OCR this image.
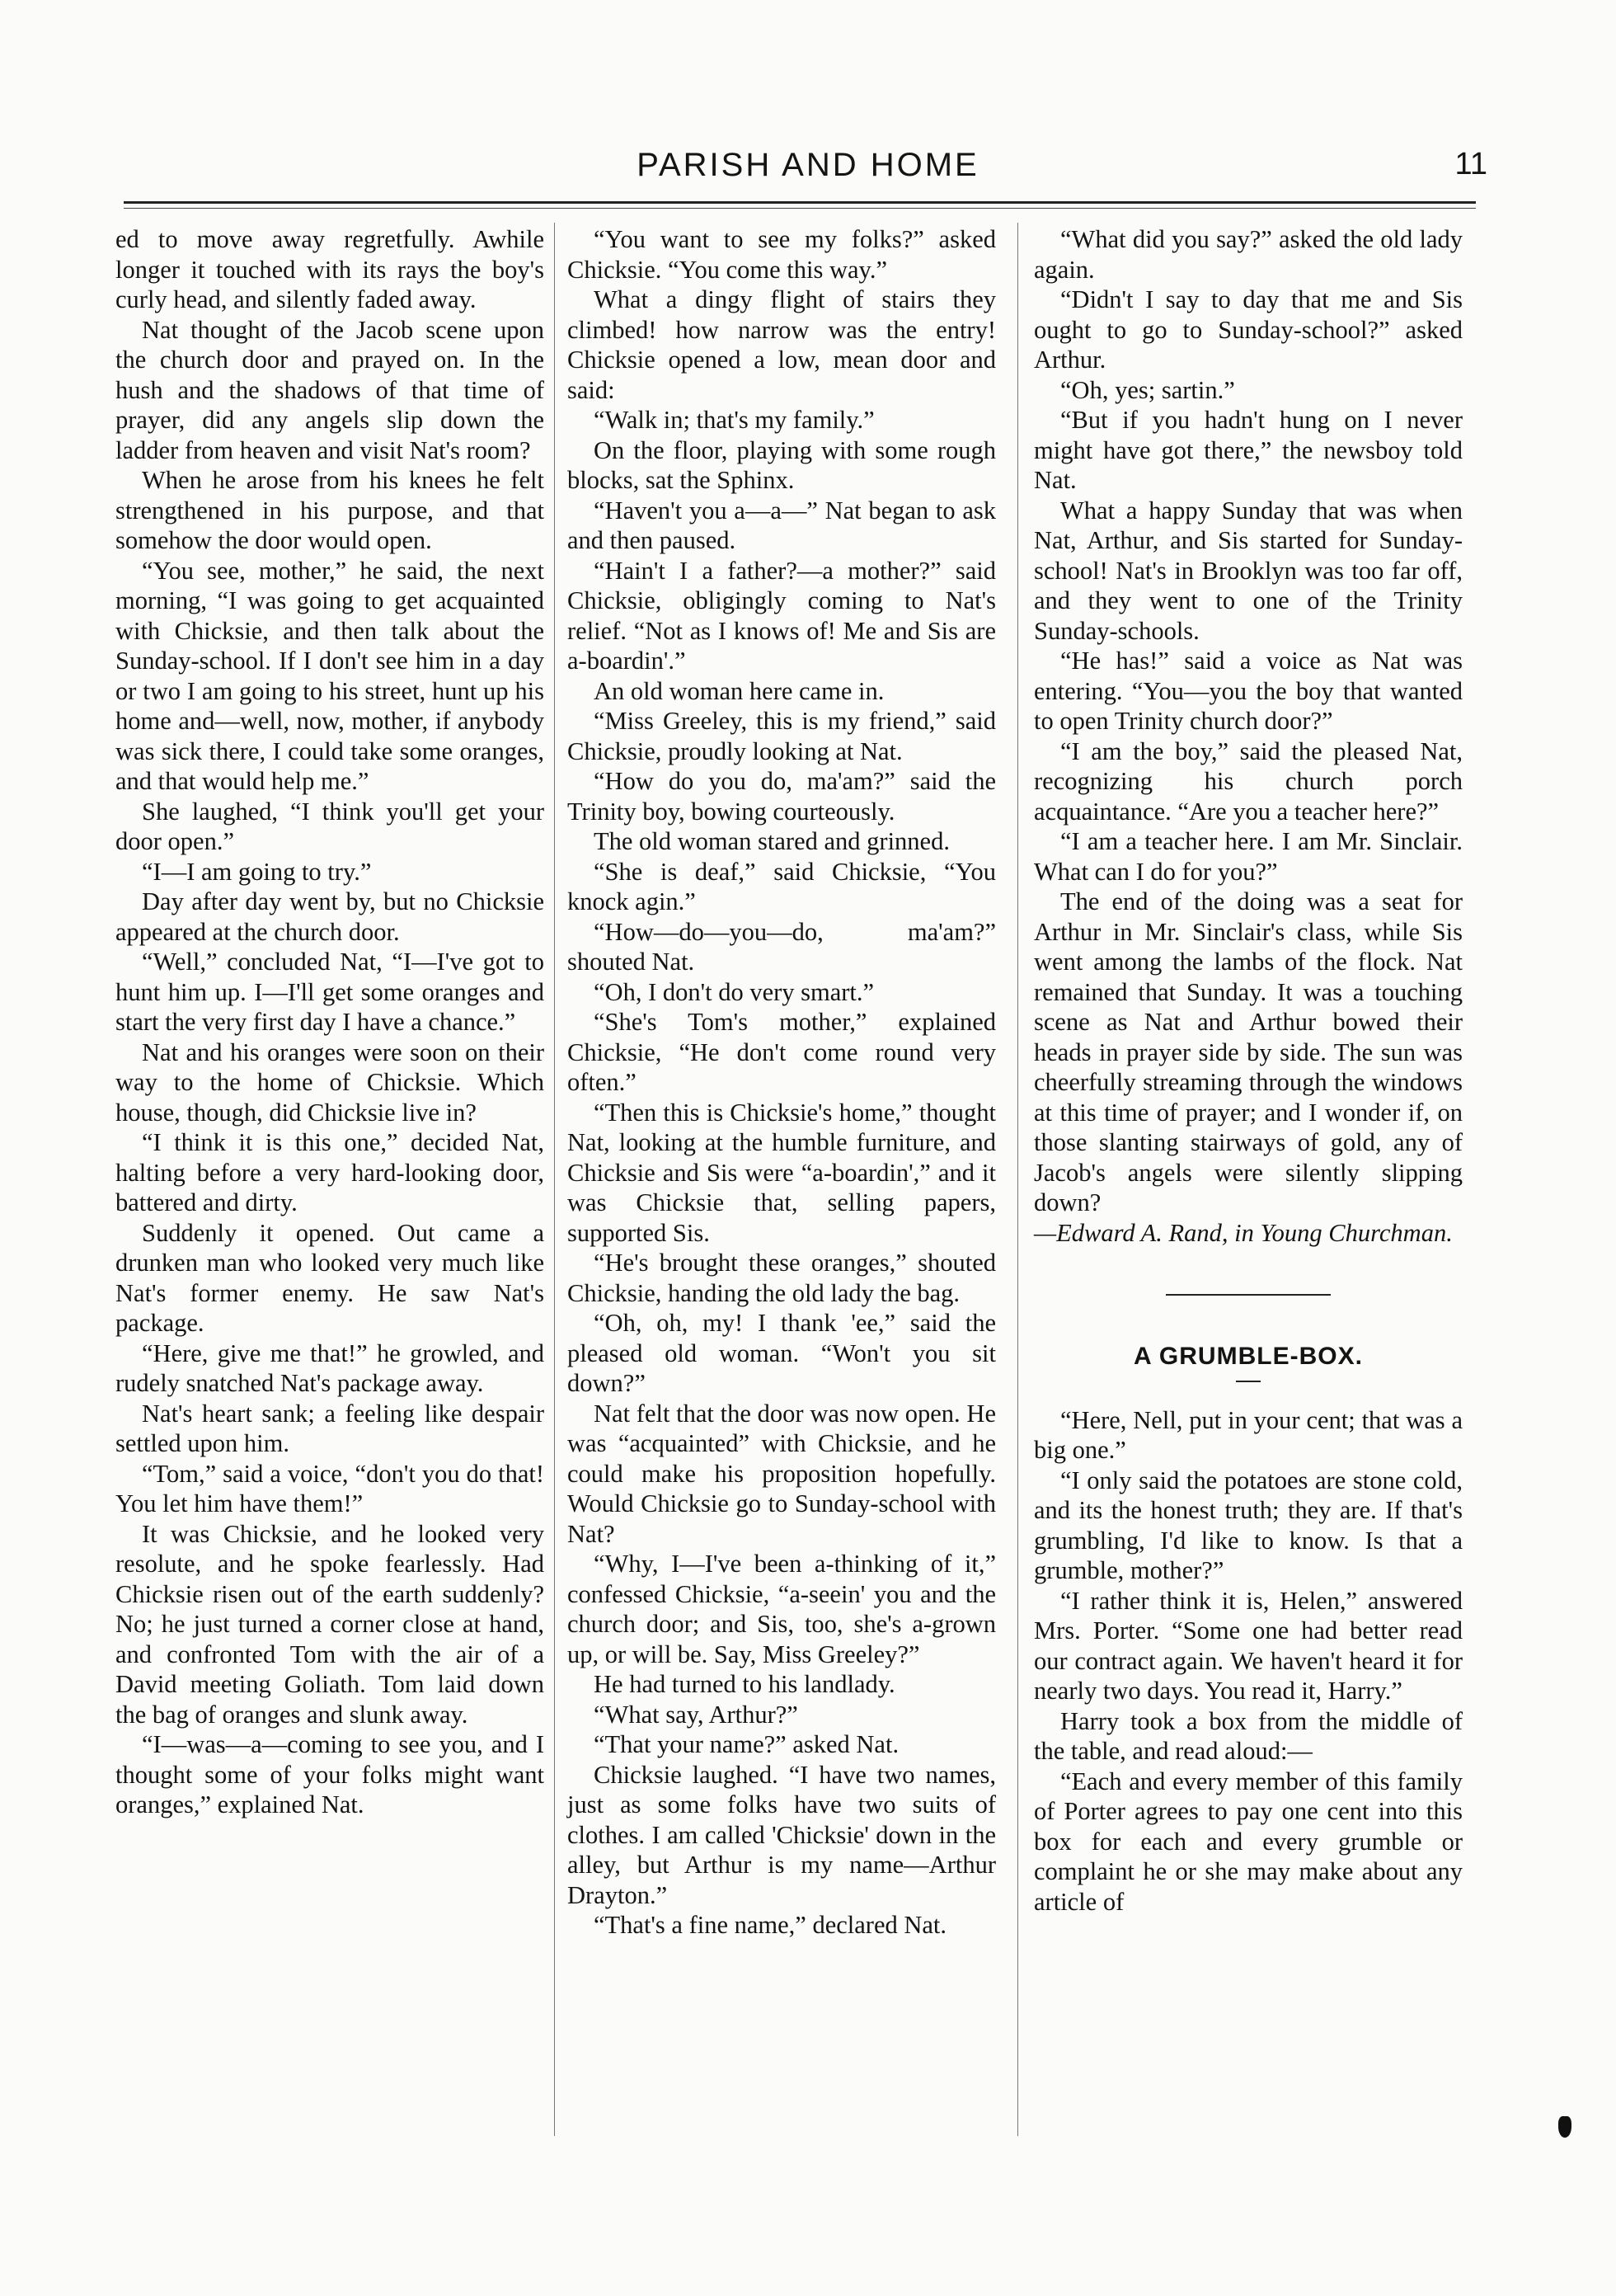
PARISH AND HOME	11

ed to move away regretfully. Awhile longer it touched with its rays the boy's curly head, and silently faded away.

Nat thought of the Jacob scene upon the church door and prayed on. In the hush and the shadows of that time of prayer, did any angels slip down the ladder from heaven and visit Nat's room?

When he arose from his knees he felt strengthened in his purpose, and that somehow the door would open.

“You see, mother,” he said, the next morning, “I was going to get acquainted with Chicksie, and then talk about the Sunday-school. If I don't see him in a day or two I am going to his street, hunt up his home and—well, now, mother, if anybody was sick there, I could take some oranges, and that would help me.”

She laughed, “I think you'll get your door open.”

“I—I am going to try.”

Day after day went by, but no Chicksie appeared at the church door.

“Well,” concluded Nat, “I—I've got to hunt him up. I—I'll get some oranges and start the very first day I have a chance.”

Nat and his oranges were soon on their way to the home of Chicksie. Which house, though, did Chicksie live in?

“I think it is this one,” decided Nat, halting before a very hard-looking door, battered and dirty.

Suddenly it opened. Out came a drunken man who looked very much like Nat's former enemy. He saw Nat's package.

“Here, give me that!” he growled, and rudely snatched Nat's package away.

Nat's heart sank; a feeling like despair settled upon him.

“Tom,” said a voice, “don't you do that! You let him have them!”

It was Chicksie, and he looked very resolute, and he spoke fearlessly. Had Chicksie risen out of the earth suddenly? No; he just turned a corner close at hand, and confronted Tom with the air of a David meeting Goliath. Tom laid down the bag of oranges and slunk away.

“I—was—a—coming to see you, and I thought some of your folks might want oranges,” explained Nat.

“You want to see my folks?” asked Chicksie. “You come this way.”

What a dingy flight of stairs they climbed! how narrow was the entry! Chicksie opened a low, mean door and said:

“Walk in; that's my family.”

On the floor, playing with some rough blocks, sat the Sphinx.

“Haven't you a—a—” Nat began to ask and then paused.

“Hain't I a father?—a mother?” said Chicksie, obligingly coming to Nat's relief. “Not as I knows of! Me and Sis are a-boardin'.”

An old woman here came in.

“Miss Greeley, this is my friend,” said Chicksie, proudly looking at Nat.

“How do you do, ma'am?” said the Trinity boy, bowing courteously.

The old woman stared and grinned.

“She is deaf,” said Chicksie, “You knock agin.”

“How—do—you—do, ma'am?” shouted Nat.

“Oh, I don't do very smart.”

“She's Tom's mother,” explained Chicksie, “He don't come round very often.”

“Then this is Chicksie's home,” thought Nat, looking at the humble furniture, and Chicksie and Sis were “a-boardin',” and it was Chicksie that, selling papers, supported Sis.

“He's brought these oranges,” shouted Chicksie, handing the old lady the bag.

“Oh, oh, my! I thank 'ee,” said the pleased old woman. “Won't you sit down?”

Nat felt that the door was now open. He was “acquainted” with Chicksie, and he could make his proposition hopefully. Would Chicksie go to Sunday-school with Nat?

“Why, I—I've been a-thinking of it,” confessed Chicksie, “a-seein' you and the church door; and Sis, too, she's a-grown up, or will be. Say, Miss Greeley?”

He had turned to his landlady.

“What say, Arthur?”

“That your name?” asked Nat.

Chicksie laughed. “I have two names, just as some folks have two suits of clothes. I am called 'Chicksie' down in the alley, but Arthur is my name—Arthur Drayton.”

“That's a fine name,” declared Nat.

“What did you say?” asked the old lady again.

“Didn't I say to day that me and Sis ought to go to Sunday-school?” asked Arthur.

“Oh, yes; sartin.”

“But if you hadn't hung on I never might have got there,” the newsboy told Nat.

What a happy Sunday that was when Nat, Arthur, and Sis started for Sunday-school! Nat's in Brooklyn was too far off, and they went to one of the Trinity Sunday-schools.

“He has!” said a voice as Nat was entering. “You—you the boy that wanted to open Trinity church door?”

“I am the boy,” said the pleased Nat, recognizing his church porch acquaintance. “Are you a teacher here?”

“I am a teacher here. I am Mr. Sinclair. What can I do for you?”

The end of the doing was a seat for Arthur in Mr. Sinclair's class, while Sis went among the lambs of the flock. Nat remained that Sunday. It was a touching scene as Nat and Arthur bowed their heads in prayer side by side. The sun was cheerfully streaming through the windows at this time of prayer; and I wonder if, on those slanting stairways of gold, any of Jacob's angels were silently slipping down?

—Edward A. Rand, in Young Churchman.

A GRUMBLE-BOX.

“Here, Nell, put in your cent; that was a big one.”

“I only said the potatoes are stone cold, and its the honest truth; they are. If that's grumbling, I'd like to know. Is that a grumble, mother?”

“I rather think it is, Helen,” answered Mrs. Porter. “Some one had better read our contract again. We haven't heard it for nearly two days. You read it, Harry.”

Harry took a box from the middle of the table, and read aloud:—

“Each and every member of this family of Porter agrees to pay one cent into this box for each and every grumble or complaint he or she may make about any article of
